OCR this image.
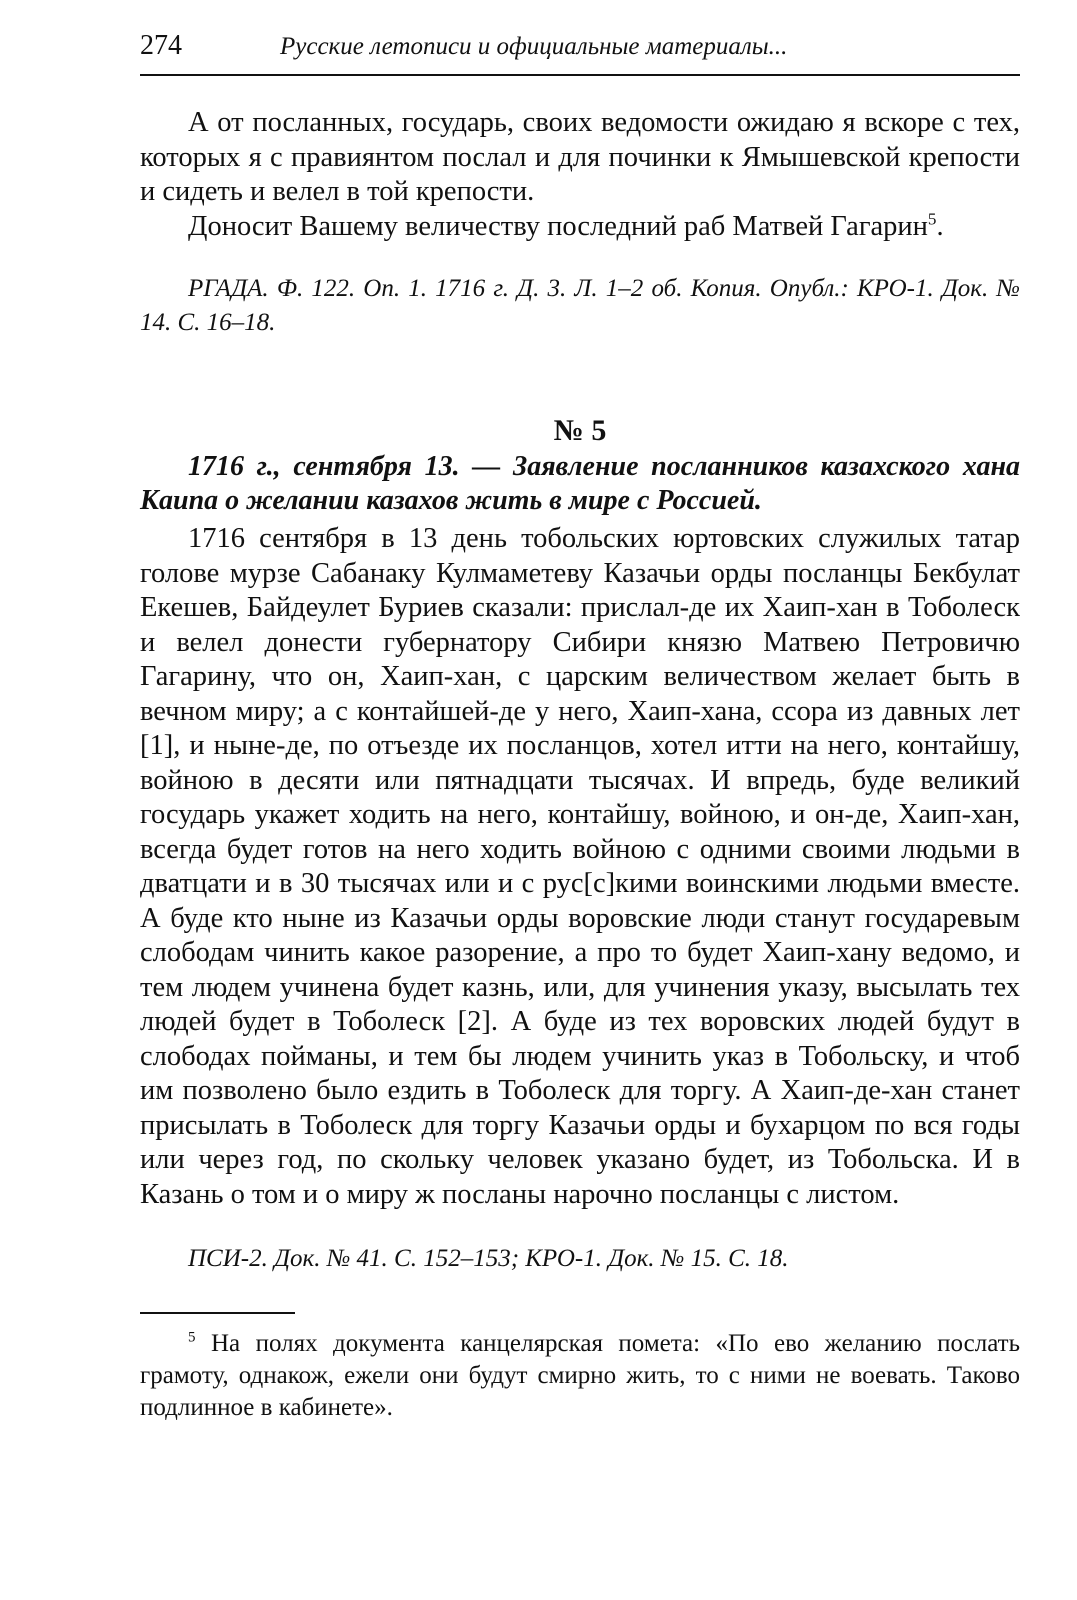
274	Русские летописи и официальные материалы...

А от посланных, государь, своих ведомости ожидаю я вскоре с тех, которых я с правиянтом послал и для починки к Ямышевской крепости и сидеть и велел в той крепости.

Доносит Вашему величеству последний раб Матвей Гагарин$^5$.

РГАДА. Ф. 122. Оп. 1. 1716 г. Д. 3. Л. 1–2 об. Копия. Опубл.: КРО-1. Док. № 14. С. 16–18.

№ 5

1716 г., сентября 13. — Заявление посланников казахского хана Каипа о желании казахов жить в мире с Россией.

1716 сентября в 13 день тобольских юртовских служилых татар голове мурзе Сабанаку Кулмаметеву Казачьи орды посланцы Бекбулат Екешев, Байдеулет Буриев сказали: прислал-де их Хаип-хан в Тоболеск и велел донести губернатору Сибири князю Матвею Петровичю Гагарину, что он, Хаип-хан, с царским величеством желает быть в вечном миру; а с контайшей-де у него, Хаип-хана, ссора из давных лет [1], и ныне-де, по отъезде их посланцов, хотел итти на него, контайшу, войною в десяти или пятнадцати тысячах. И впредь, буде великий государь укажет ходить на него, контайшу, войною, и он-де, Хаип-хан, всегда будет готов на него ходить войною с одними своими людьми в дватцати и в 30 тысячах или и с рус[с]кими воинскими людьми вместе. А буде кто ныне из Казачьи орды воровские люди станут государевым слободам чинить какое разорение, а про то будет Хаип-хану ведомо, и тем людем учинена будет казнь, или, для учинения указу, высылать тех людей будет в Тоболеск [2]. А буде из тех воровских людей будут в слободах пойманы, и тем бы людем учинить указ в Тобольску, и чтоб им позволено было ездить в Тоболеск для торгу. А Хаип-де-хан станет присылать в Тоболеск для торгу Казачьи орды и бухарцом по вся годы или через год, по скольку человек указано будет, из Тобольска. И в Казань о том и о миру ж посланы нарочно посланцы с листом.

ПСИ-2. Док. № 41. С. 152–153; КРО-1. Док. № 15. С. 18.

$^5$ На полях документа канцелярская помета: «По ево желанию послать грамоту, однакож, ежели они будут смирно жить, то с ними не воевать. Таково подлинное в кабинете».
